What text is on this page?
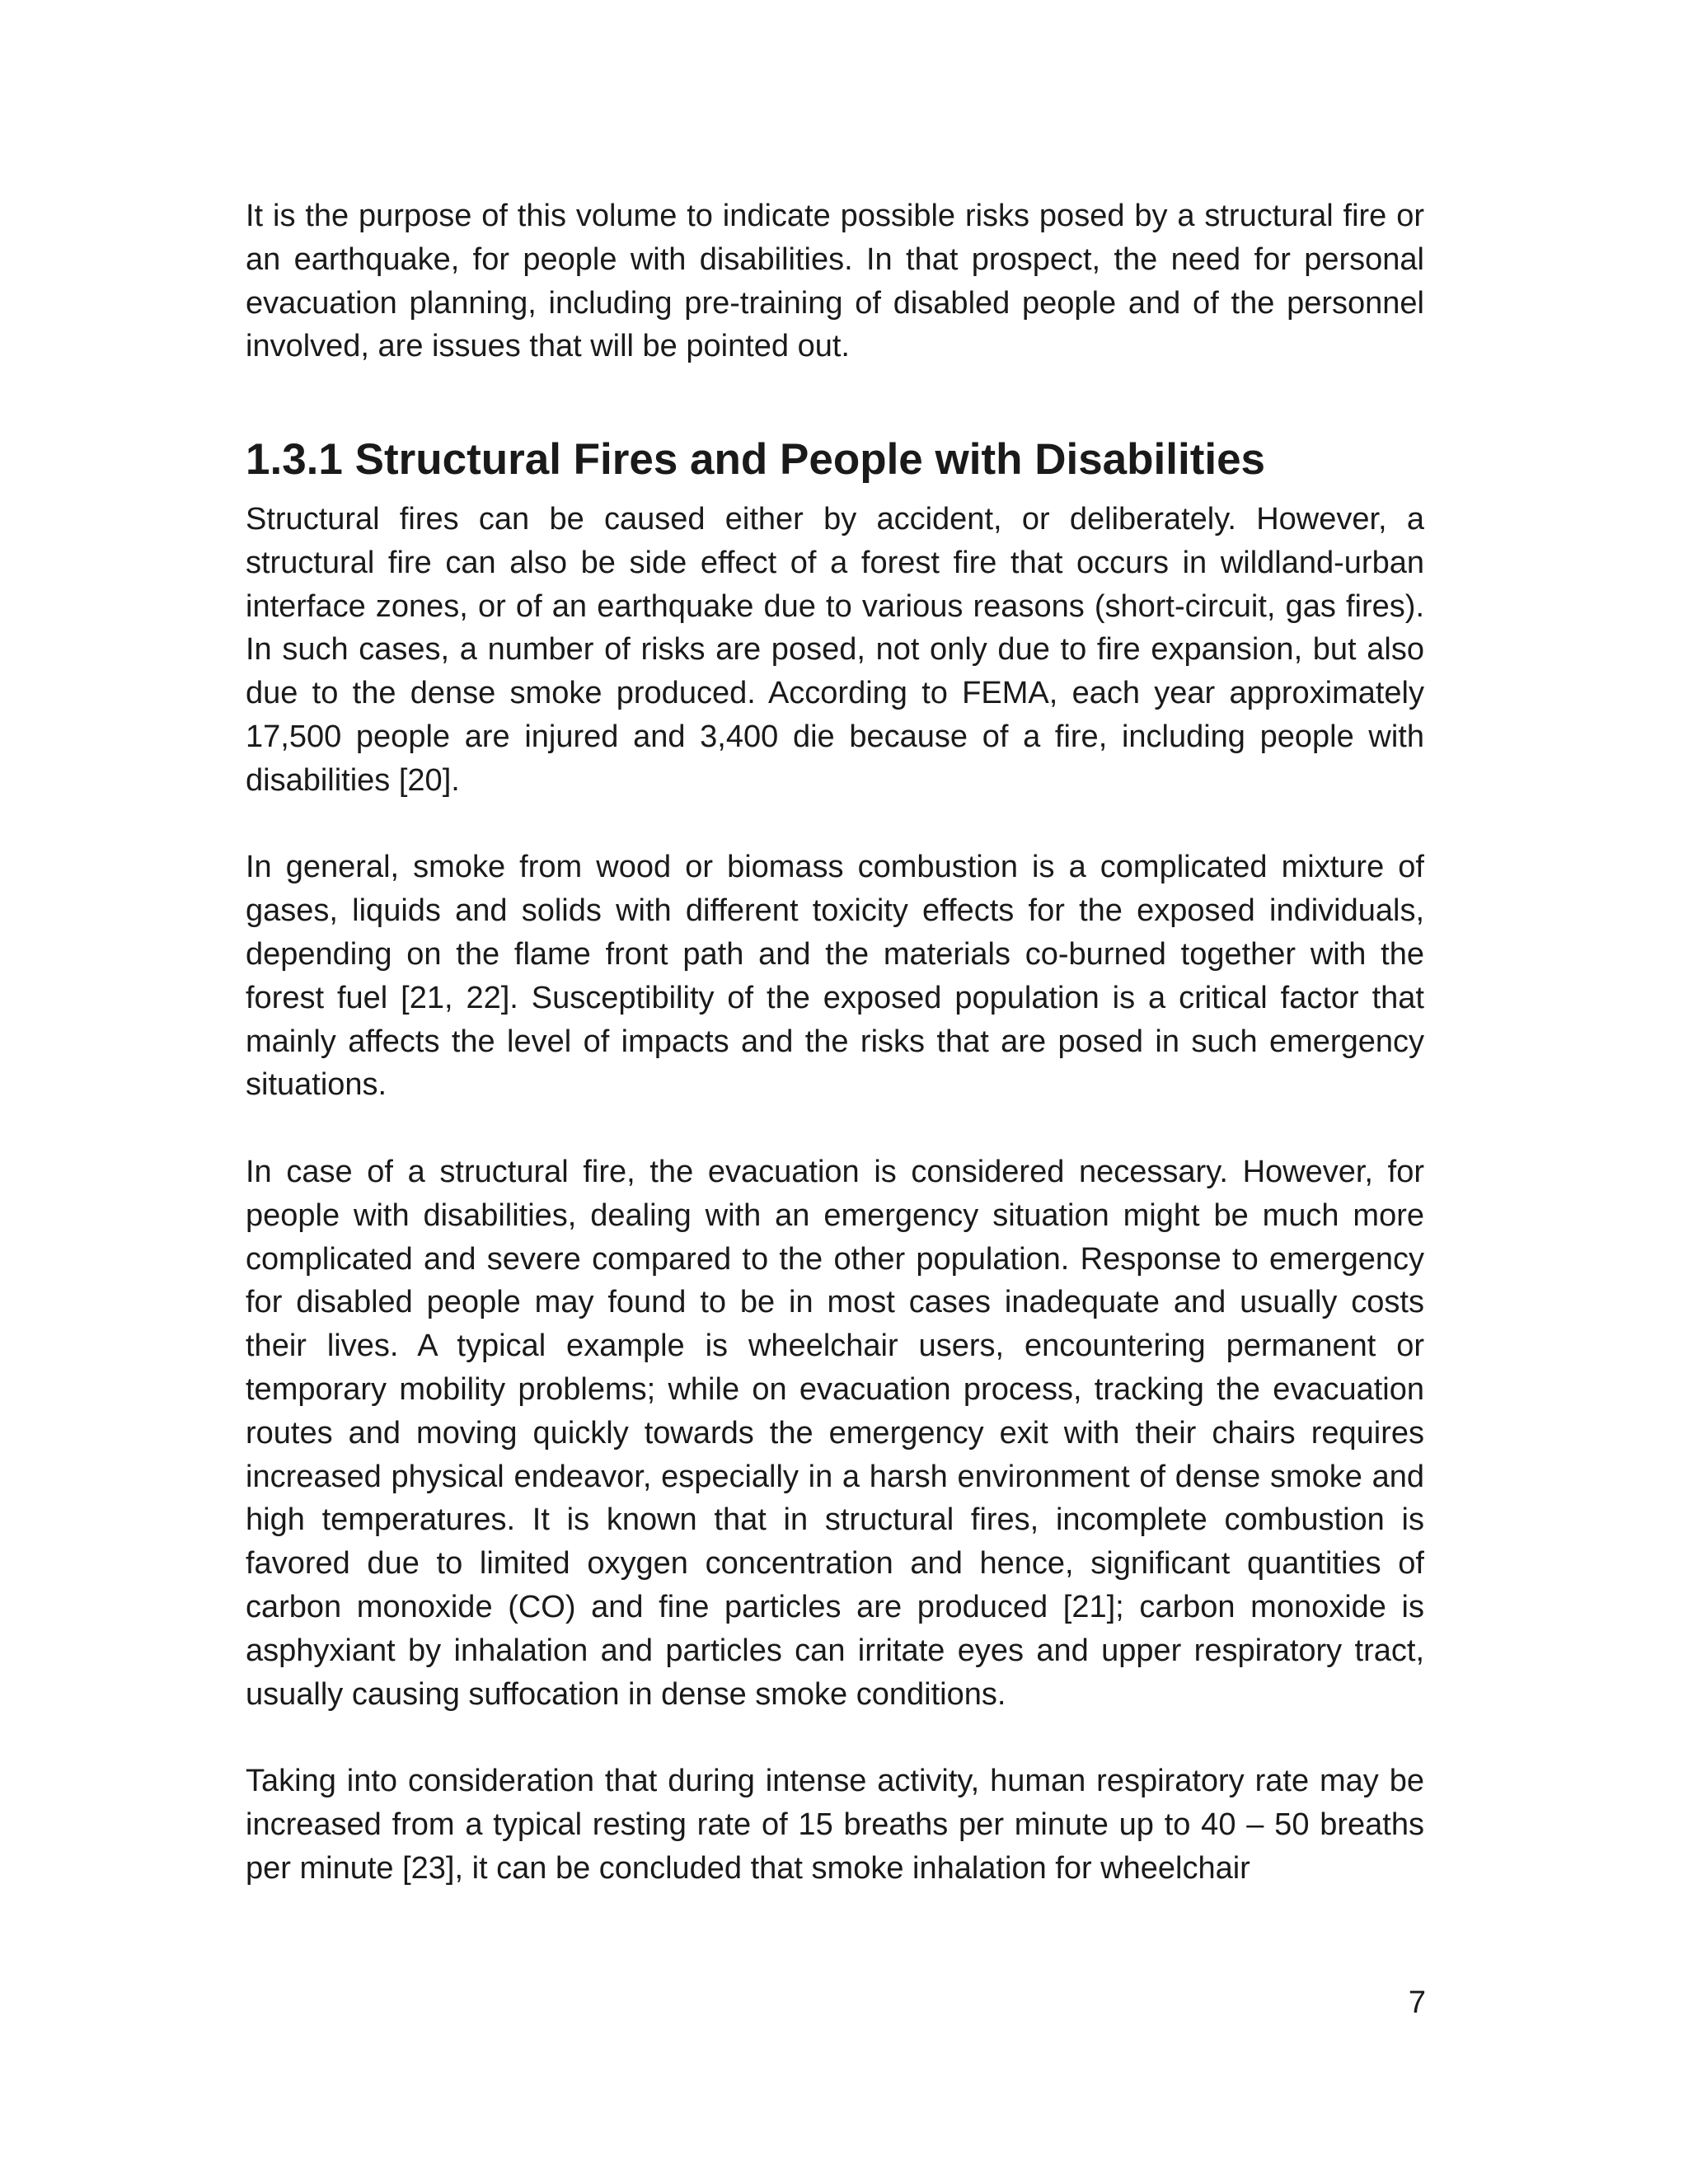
It is the purpose of this volume to indicate possible risks posed by a structural fire or an earthquake, for people with disabilities. In that prospect, the need for personal evacuation planning, including pre-training of disabled people and of the personnel involved, are issues that will be pointed out.

1.3.1 Structural Fires and People with Disabilities

Structural fires can be caused either by accident, or deliberately. However, a structural fire can also be side effect of a forest fire that occurs in wildland-urban interface zones, or of an earthquake due to various reasons (short-circuit, gas fires). In such cases, a number of risks are posed, not only due to fire expansion, but also due to the dense smoke produced. According to FEMA, each year approximately 17,500 people are injured and 3,400 die because of a fire, including people with disabilities [20].

In general, smoke from wood or biomass combustion is a complicated mixture of gases, liquids and solids with different toxicity effects for the exposed individuals, depending on the flame front path and the materials co-burned together with the forest fuel [21, 22]. Susceptibility of the exposed population is a critical factor that mainly affects the level of impacts and the risks that are posed in such emergency situations.

In case of a structural fire, the evacuation is considered necessary. However, for people with disabilities, dealing with an emergency situation might be much more complicated and severe compared to the other population. Response to emergency for disabled people may found to be in most cases inadequate and usually costs their lives. A typical example is wheelchair users, encountering permanent or temporary mobility problems; while on evacuation process, tracking the evacuation routes and moving quickly towards the emergency exit with their chairs requires increased physical endeavor, especially in a harsh environment of dense smoke and high temperatures. It is known that in structural fires, incomplete combustion is favored due to limited oxygen concentration and hence, significant quantities of carbon monoxide (CO) and fine particles are produced [21]; carbon monoxide is asphyxiant by inhalation and particles can irritate eyes and upper respiratory tract, usually causing suffocation in dense smoke conditions.

Taking into consideration that during intense activity, human respiratory rate may be increased from a typical resting rate of 15 breaths per minute up to 40 – 50 breaths per minute [23], it can be concluded that smoke inhalation for wheelchair

7
